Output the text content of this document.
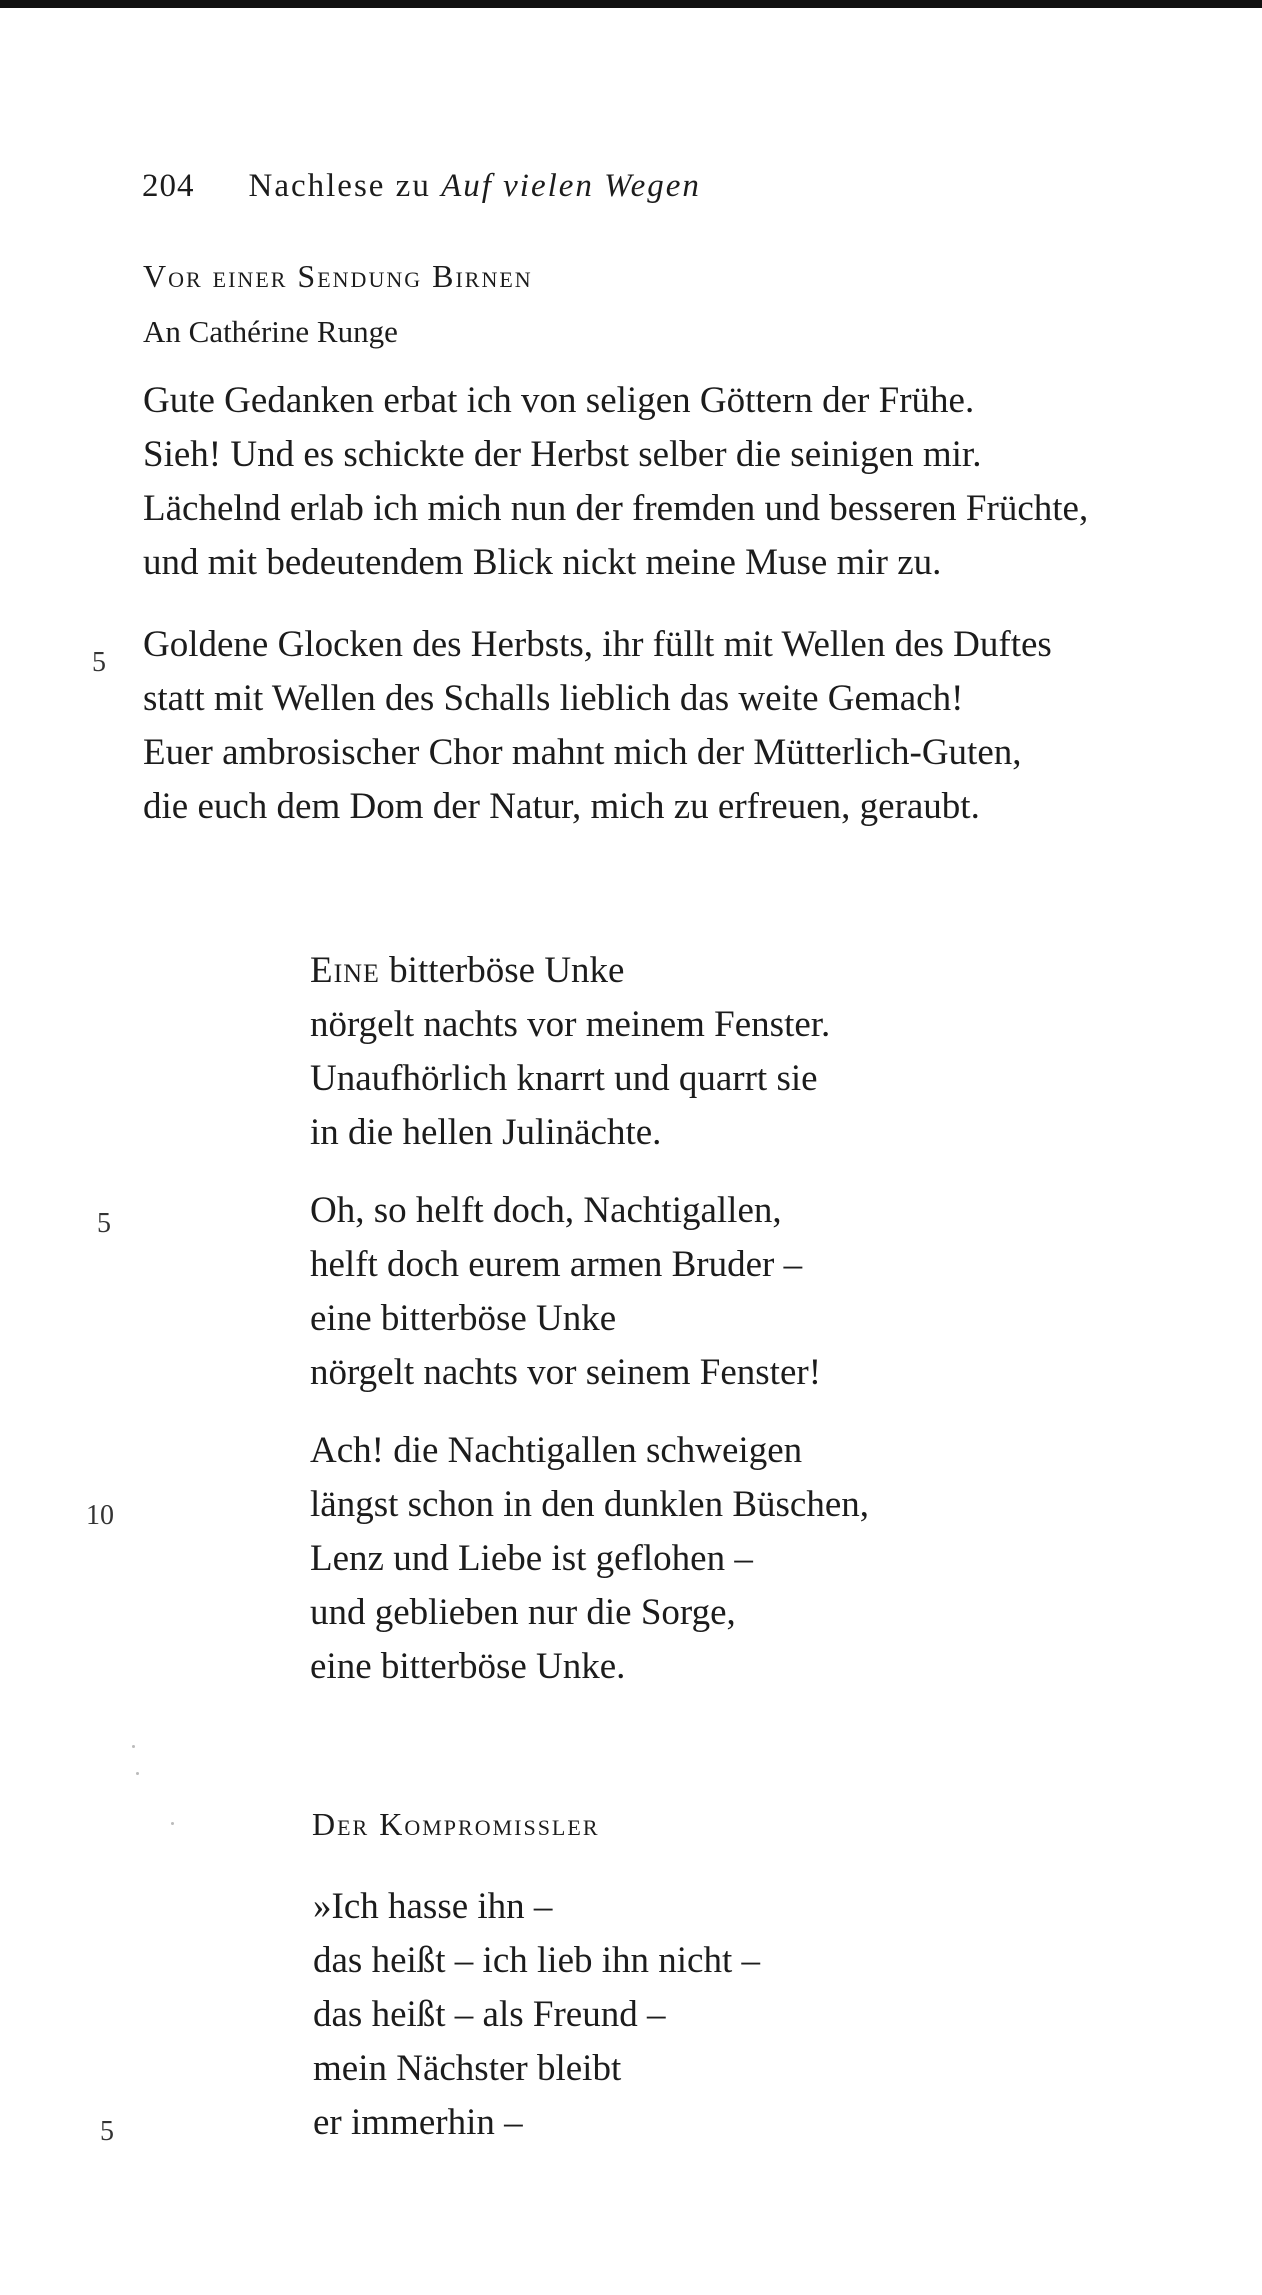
204 Nachlese zu Auf vielen Wegen
Vor einer Sendung Birnen
An Cathérine Runge
Gute Gedanken erbat ich von seligen Göttern der Frühe.
Sieh! Und es schickte der Herbst selber die seinigen mir.
Lächelnd erlab ich mich nun der fremden und besseren Früchte,
und mit bedeutendem Blick nickt meine Muse mir zu.
5 Goldene Glocken des Herbsts, ihr füllt mit Wellen des Duftes
statt mit Wellen des Schalls lieblich das weite Gemach!
Euer ambrosischer Chor mahnt mich der Mütterlich-Guten,
die euch dem Dom der Natur, mich zu erfreuen, geraubt.
Eine bitterböse Unke
nörgelt nachts vor meinem Fenster.
Unaufhörlich knarrt und quarrt sie
in die hellen Julinächte.
5	Oh, so helft doch, Nachtigallen,
helft doch eurem armen Bruder –
eine bitterböse Unke
nörgelt nachts vor seinem Fenster!
Ach! die Nachtigallen schweigen
10	längst schon in den dunklen Büschen,
Lenz und Liebe ist geflohen –
und geblieben nur die Sorge,
eine bitterböse Unke.
Der Kompromissler
»Ich hasse ihn –
das heißt – ich lieb ihn nicht –
das heißt – als Freund –
mein Nächster bleibt
5	er immerhin –
